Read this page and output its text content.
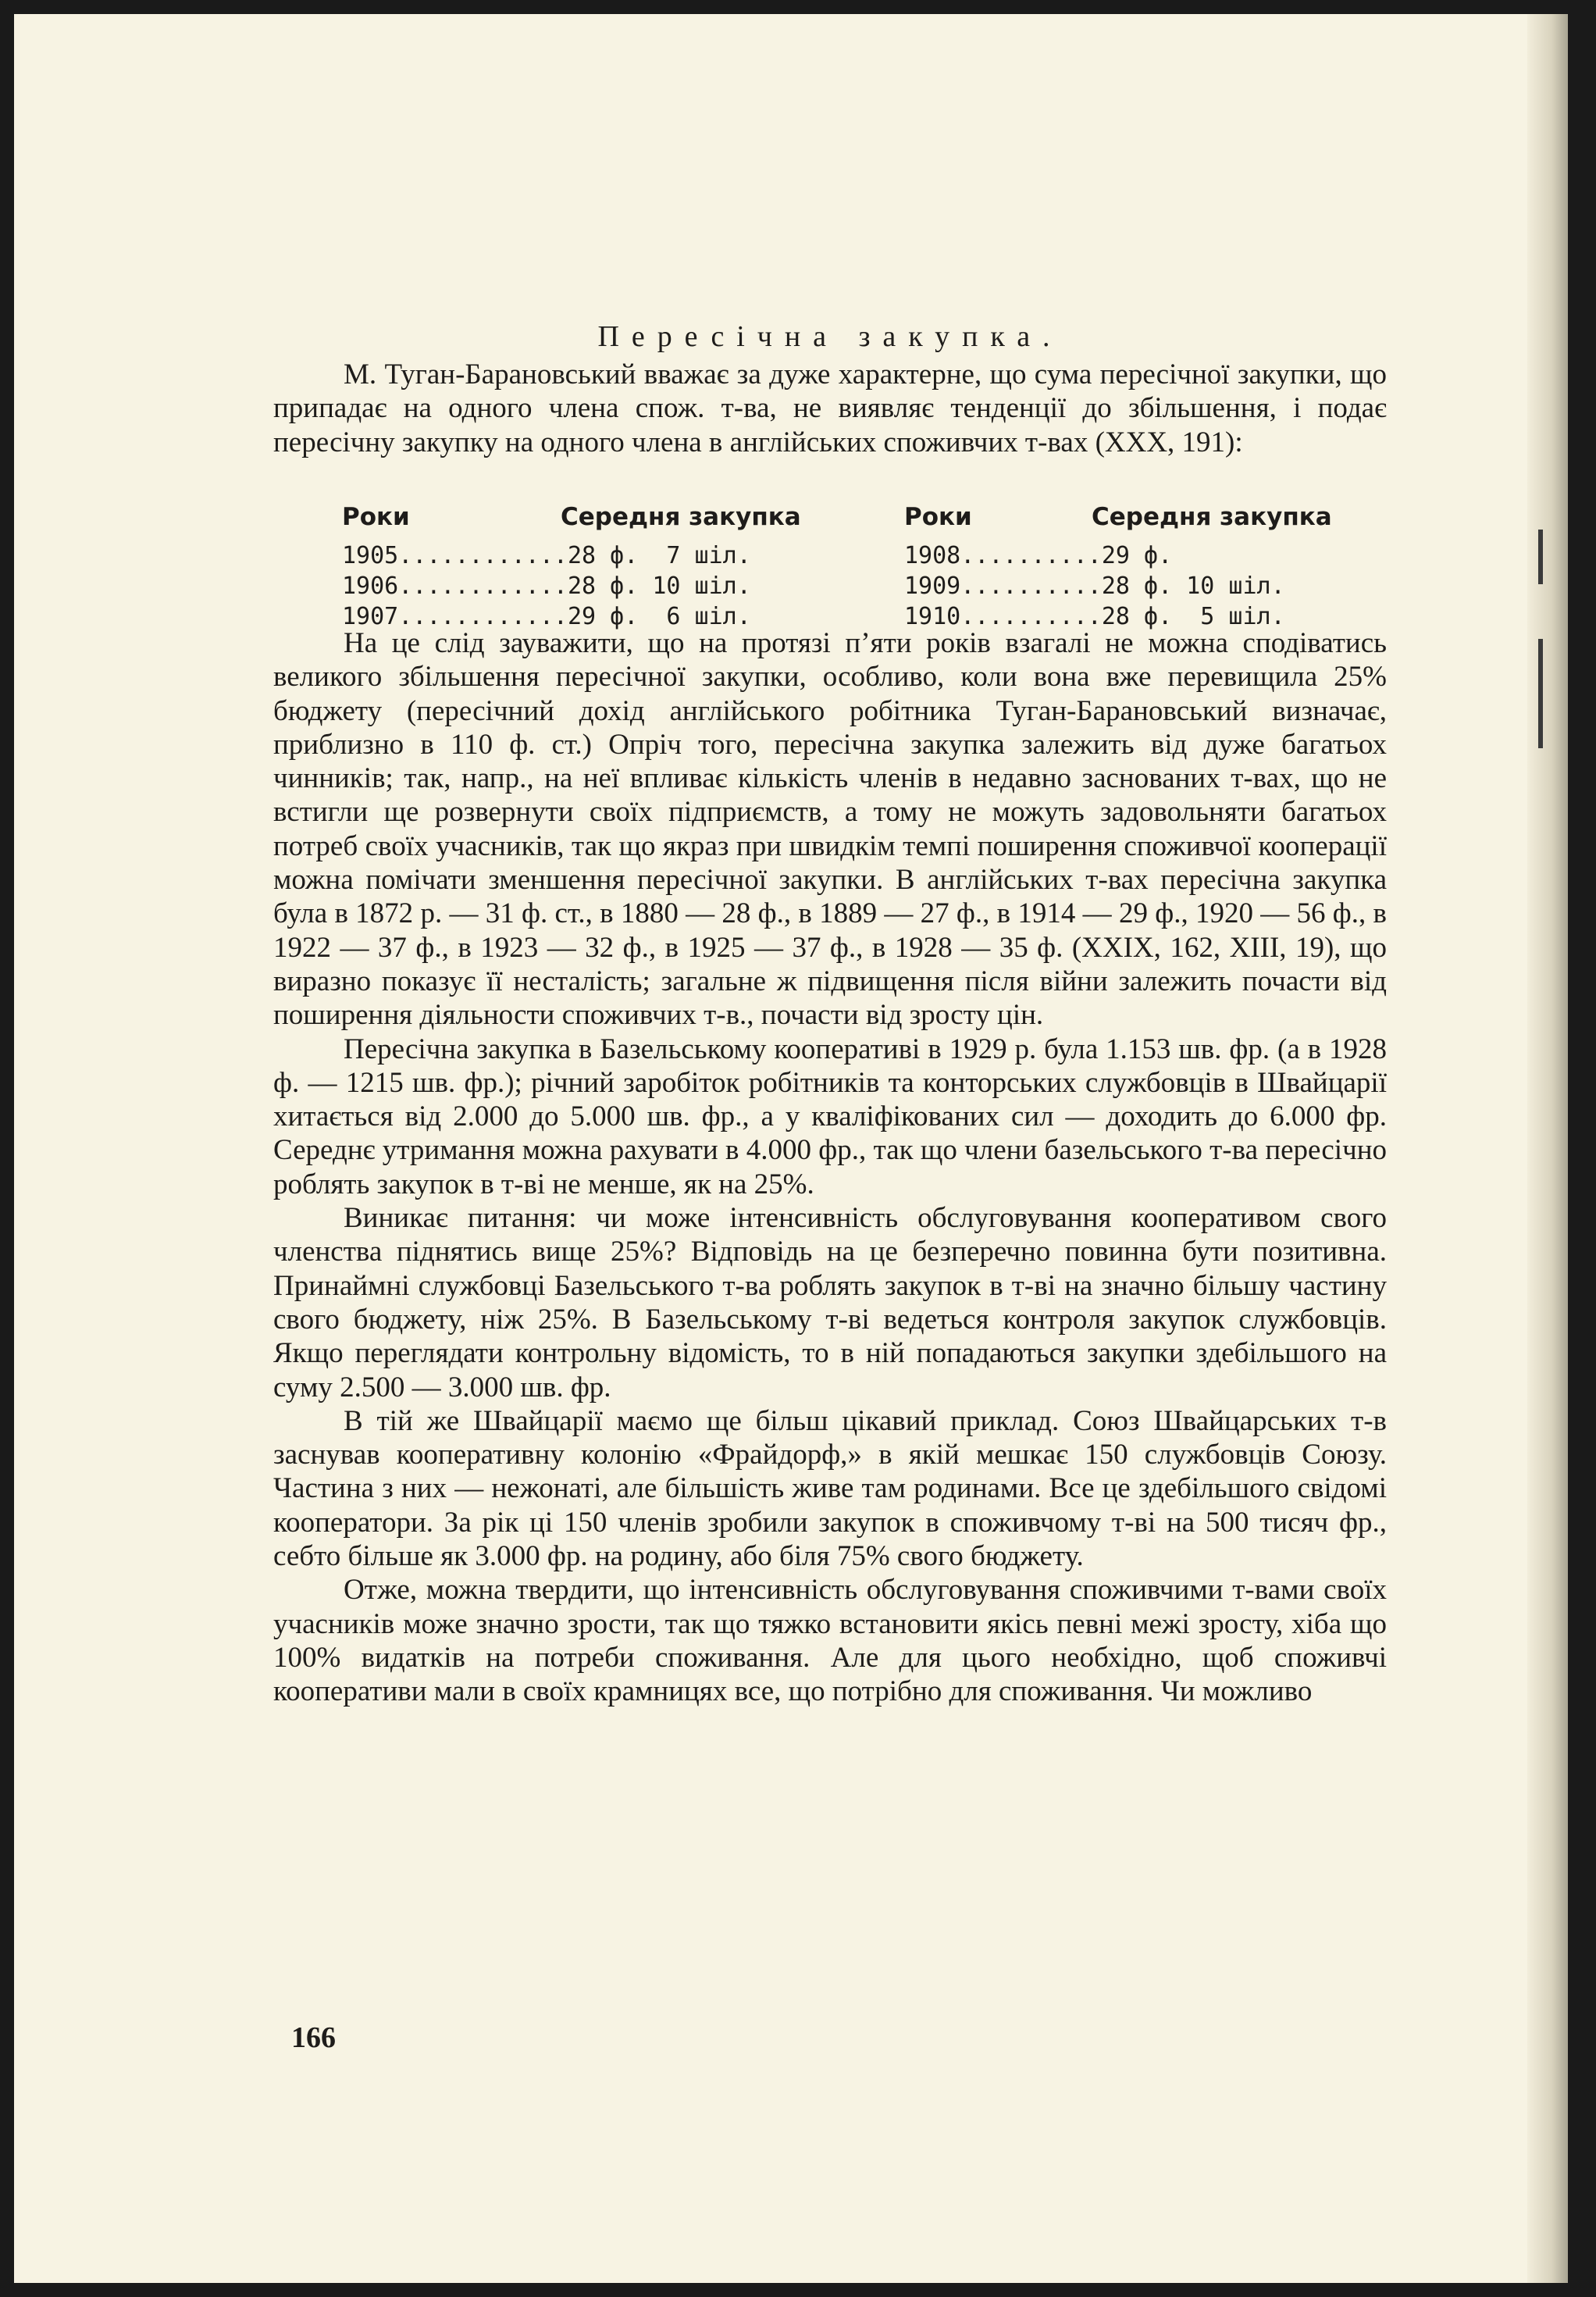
Пересічна закупка.

М. Туган-Барановський вважає за дуже характерне, що сума пересічної закупки, що припадає на одного члена спож. т-ва, не виявляє тенденції до збільшення, і подає пересічну закупку на одного члена в англійських споживчих т-вах (XXX, 191):

Роки	Середня закупка
1905............28 ф.  7 шіл.
1906............28 ф. 10 шіл.
1907............29 ф.  6 шіл.
Роки	Середня закупка
1908..........29 ф.
1909..........28 ф. 10 шіл.
1910..........28 ф.  5 шіл.

На це слід зауважити, що на протязі п’яти років взагалі не можна сподіватись великого збільшення пересічної закупки, особливо, коли вона вже перевищила 25% бюджету (пересічний дохід англійського робітника Туган-Барановський визначає, приблизно в 110 ф. ст.) Опріч того, пересічна закупка залежить від дуже багатьох чинників; так, напр., на неї впливає кількість членів в недавно заснованих т-вах, що не встигли ще розвернути своїх підприємств, а тому не можуть задовольняти багатьох потреб своїх учасників, так що якраз при швидкім темпі поширення споживчої кооперації можна помічати зменшення пересічної закупки. В англійських т-вах пересічна закупка була в 1872 р. — 31 ф. ст., в 1880 — 28 ф., в 1889 — 27 ф., в 1914 — 29 ф., 1920 — 56 ф., в 1922 — 37 ф., в 1923 — 32 ф., в 1925 — 37 ф., в 1928 — 35 ф. (XXIX, 162, XIII, 19), що виразно показує її несталість; загальне ж підвищення після війни залежить почасти від поширення діяльности споживчих т-в., почасти від зросту цін.

Пересічна закупка в Базельському кооперативі в 1929 р. була 1.153 шв. фр. (а в 1928 ф. — 1215 шв. фр.); річний заробіток робітників та конторських службовців в Швайцарії хитається від 2.000 до 5.000 шв. фр., а у кваліфікованих сил — доходить до 6.000 фр. Середнє утримання можна рахувати в 4.000 фр., так що члени базельського т-ва пересічно роблять закупок в т-ві не менше, як на 25%.

Виникає питання: чи може інтенсивність обслуговування кооперативом свого членства піднятись вище 25%? Відповідь на це безперечно повинна бути позитивна. Принаймні службовці Базельського т-ва роблять закупок в т-ві на значно більшу частину свого бюджету, ніж 25%. В Базельському т-ві ведеться контроля закупок службовців. Якщо переглядати контрольну відомість, то в ній попадаються закупки здебільшого на суму 2.500 — 3.000 шв. фр.

В тій же Швайцарії маємо ще більш цікавий приклад. Союз Швайцарських т-в заснував кооперативну колонію «Фрайдорф,» в якій мешкає 150 службовців Союзу. Частина з них — нежонаті, але більшість живе там родинами. Все це здебільшого свідомі кооператори. За рік ці 150 членів зробили закупок в споживчому т-ві на 500 тисяч фр., себто більше як 3.000 фр. на родину, або біля 75% свого бюджету.

Отже, можна твердити, що інтенсивність обслуговування споживчими т-вами своїх учасників може значно зрости, так що тяжко встановити якісь певні межі зросту, хіба що 100% видатків на потреби споживання. Але для цього необхідно, щоб споживчі кооперативи мали в своїх крамницях все, що потрібно для споживання. Чи можливо

166
